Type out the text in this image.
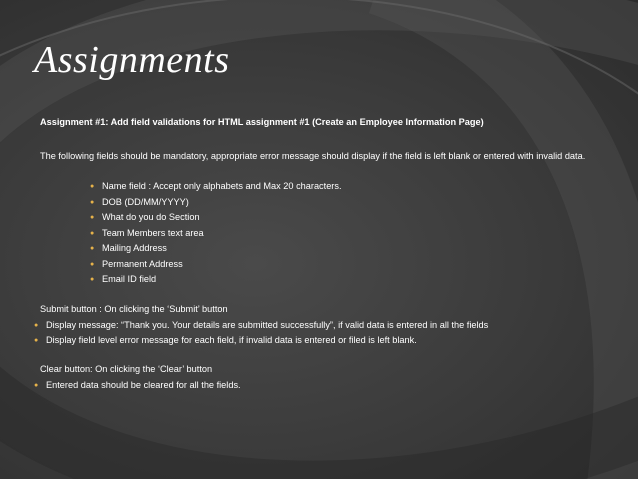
Assignments

Assignment #1: Add field validations for HTML assignment #1 (Create an Employee Information Page)

The following fields should be mandatory, appropriate error message should display if the field is left blank or entered with invalid data.

● Name field : Accept only alphabets and Max 20 characters.
● DOB (DD/MM/YYYY)
● What do you do Section
● Team Members text area
● Mailing Address
● Permanent Address
● Email ID field

Submit button : On clicking the ‘Submit’ button

● Display message: “Thank you. Your details are submitted successfully”, if valid data is entered in all the fields
● Display field level error message for each field, if invalid data is entered or filed is left blank.

Clear button: On clicking the ‘Clear’ button

● Entered data should be cleared for all the fields.
